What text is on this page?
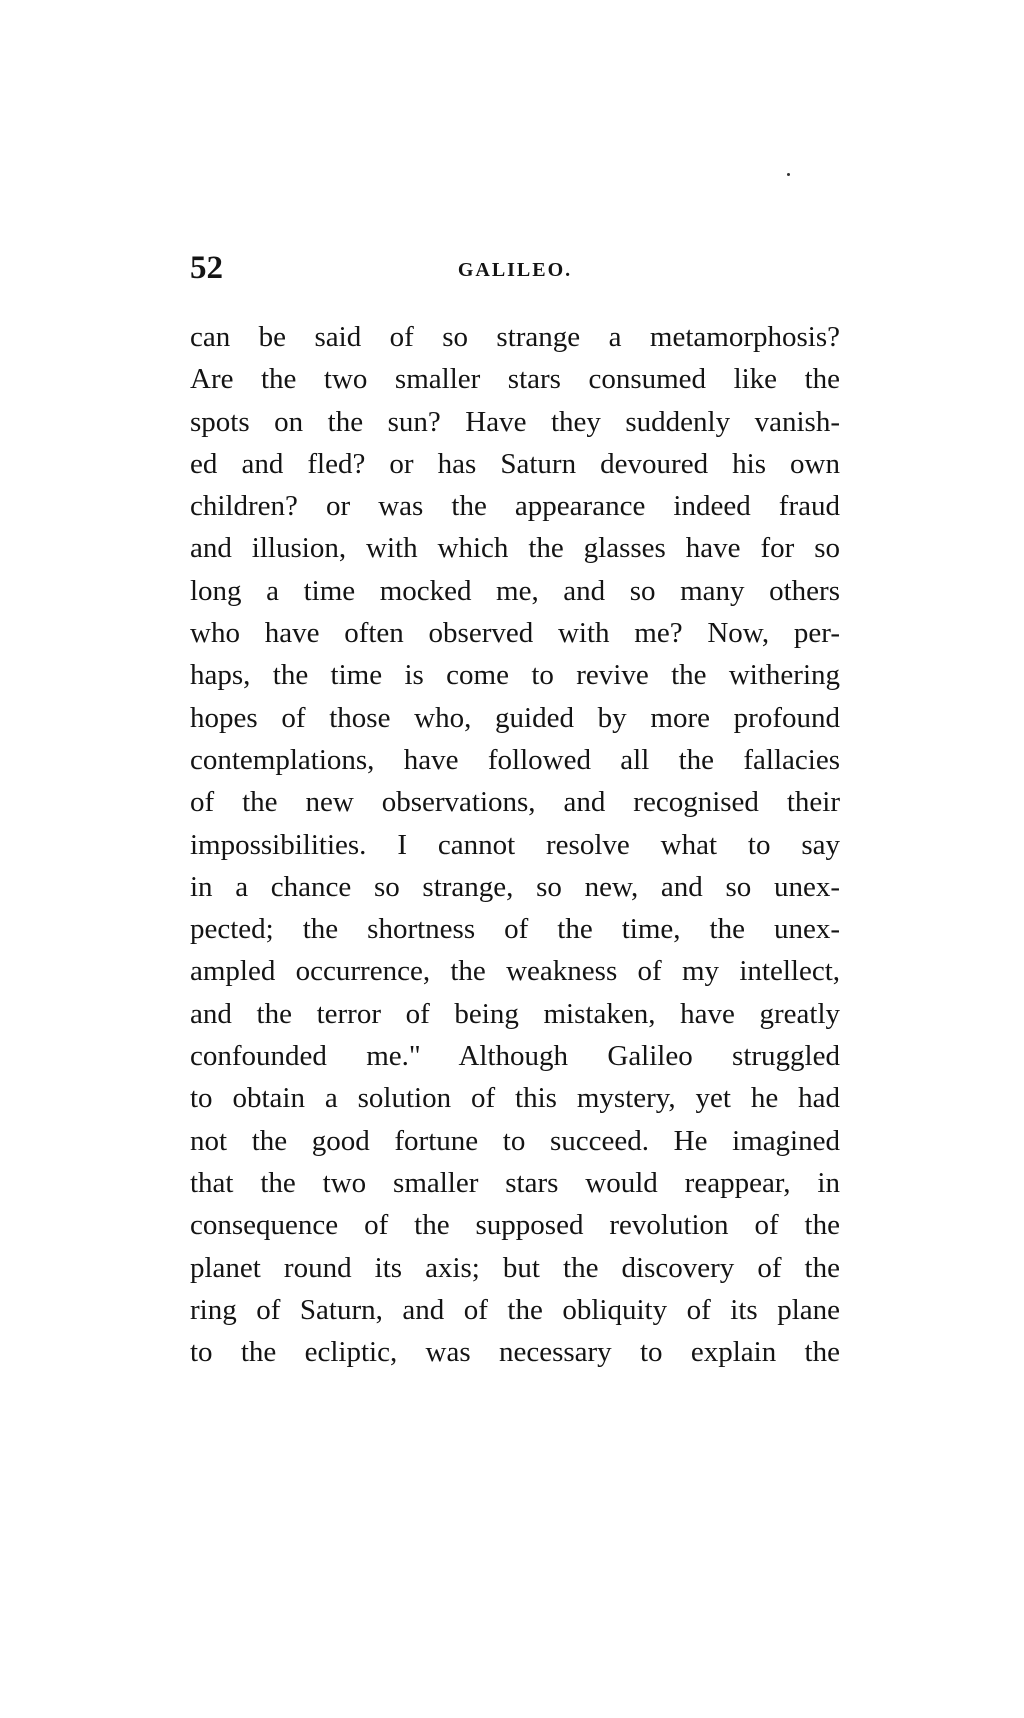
52	GALILEO.
can be said of so strange a metamorphosis?
Are the two smaller stars consumed like the
spots on the sun? Have they suddenly vanish-
ed and fled? or has Saturn devoured his own
children? or was the appearance indeed fraud
and illusion, with which the glasses have for so
long a time mocked me, and so many others
who have often observed with me? Now, per-
haps, the time is come to revive the withering
hopes of those who, guided by more profound
contemplations, have followed all the fallacies
of the new observations, and recognised their
impossibilities. I cannot resolve what to say
in a chance so strange, so new, and so unex-
pected; the shortness of the time, the unex-
ampled occurrence, the weakness of my intellect,
and the terror of being mistaken, have greatly
confounded me." Although Galileo struggled
to obtain a solution of this mystery, yet he had
not the good fortune to succeed. He imagined
that the two smaller stars would reappear, in
consequence of the supposed revolution of the
planet round its axis; but the discovery of the
ring of Saturn, and of the obliquity of its plane
to the ecliptic, was necessary to explain the
